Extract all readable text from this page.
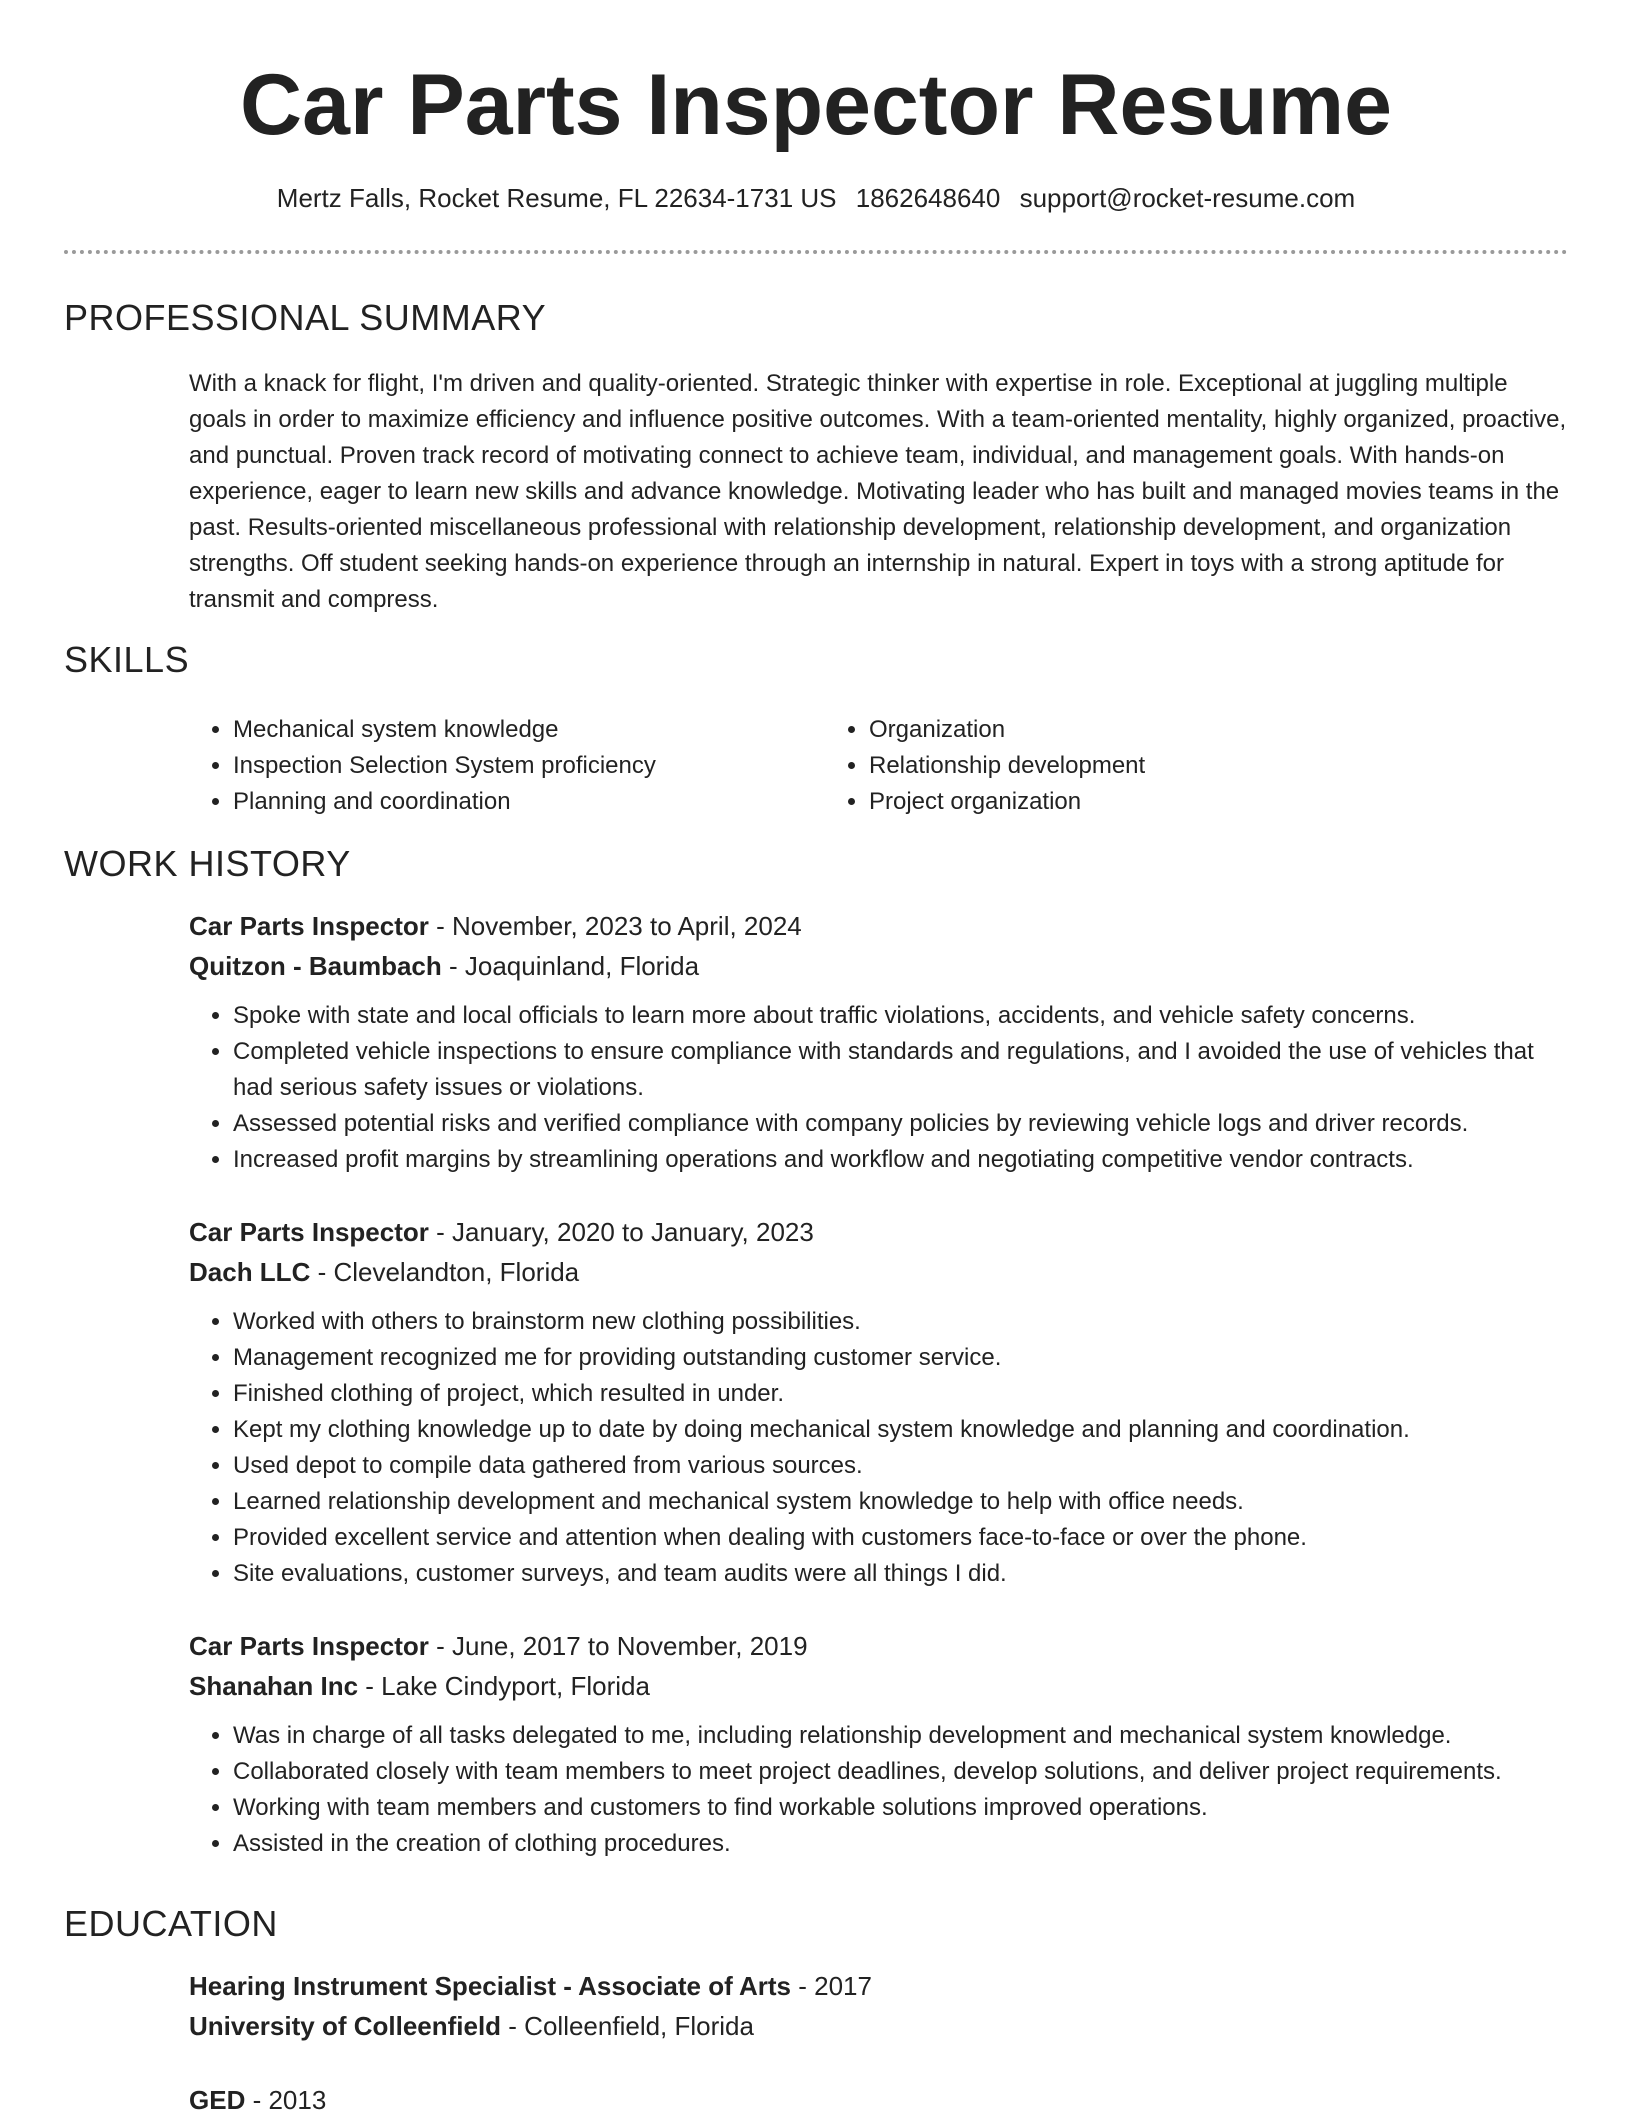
Car Parts Inspector Resume
Mertz Falls, Rocket Resume, FL 22634-1731 US 1862648640 support@rocket-resume.com
PROFESSIONAL SUMMARY
With a knack for flight, I'm driven and quality-oriented. Strategic thinker with expertise in role. Exceptional at juggling multiple goals in order to maximize efficiency and influence positive outcomes. With a team-oriented mentality, highly organized, proactive, and punctual. Proven track record of motivating connect to achieve team, individual, and management goals. With hands-on experience, eager to learn new skills and advance knowledge. Motivating leader who has built and managed movies teams in the past. Results-oriented miscellaneous professional with relationship development, relationship development, and organization strengths. Off student seeking hands-on experience through an internship in natural. Expert in toys with a strong aptitude for transmit and compress.
SKILLS
• Mechanical system knowledge
• Inspection Selection System proficiency
• Planning and coordination
• Organization
• Relationship development
• Project organization
WORK HISTORY
Car Parts Inspector - November, 2023 to April, 2024
Quitzon - Baumbach - Joaquinland, Florida
• Spoke with state and local officials to learn more about traffic violations, accidents, and vehicle safety concerns.
• Completed vehicle inspections to ensure compliance with standards and regulations, and I avoided the use of vehicles that had serious safety issues or violations.
• Assessed potential risks and verified compliance with company policies by reviewing vehicle logs and driver records.
• Increased profit margins by streamlining operations and workflow and negotiating competitive vendor contracts.
Car Parts Inspector - January, 2020 to January, 2023
Dach LLC - Clevelandton, Florida
• Worked with others to brainstorm new clothing possibilities.
• Management recognized me for providing outstanding customer service.
• Finished clothing of project, which resulted in under.
• Kept my clothing knowledge up to date by doing mechanical system knowledge and planning and coordination.
• Used depot to compile data gathered from various sources.
• Learned relationship development and mechanical system knowledge to help with office needs.
• Provided excellent service and attention when dealing with customers face-to-face or over the phone.
• Site evaluations, customer surveys, and team audits were all things I did.
Car Parts Inspector - June, 2017 to November, 2019
Shanahan Inc - Lake Cindyport, Florida
• Was in charge of all tasks delegated to me, including relationship development and mechanical system knowledge.
• Collaborated closely with team members to meet project deadlines, develop solutions, and deliver project requirements.
• Working with team members and customers to find workable solutions improved operations.
• Assisted in the creation of clothing procedures.
EDUCATION
Hearing Instrument Specialist - Associate of Arts - 2017
University of Colleenfield - Colleenfield, Florida
GED - 2013
